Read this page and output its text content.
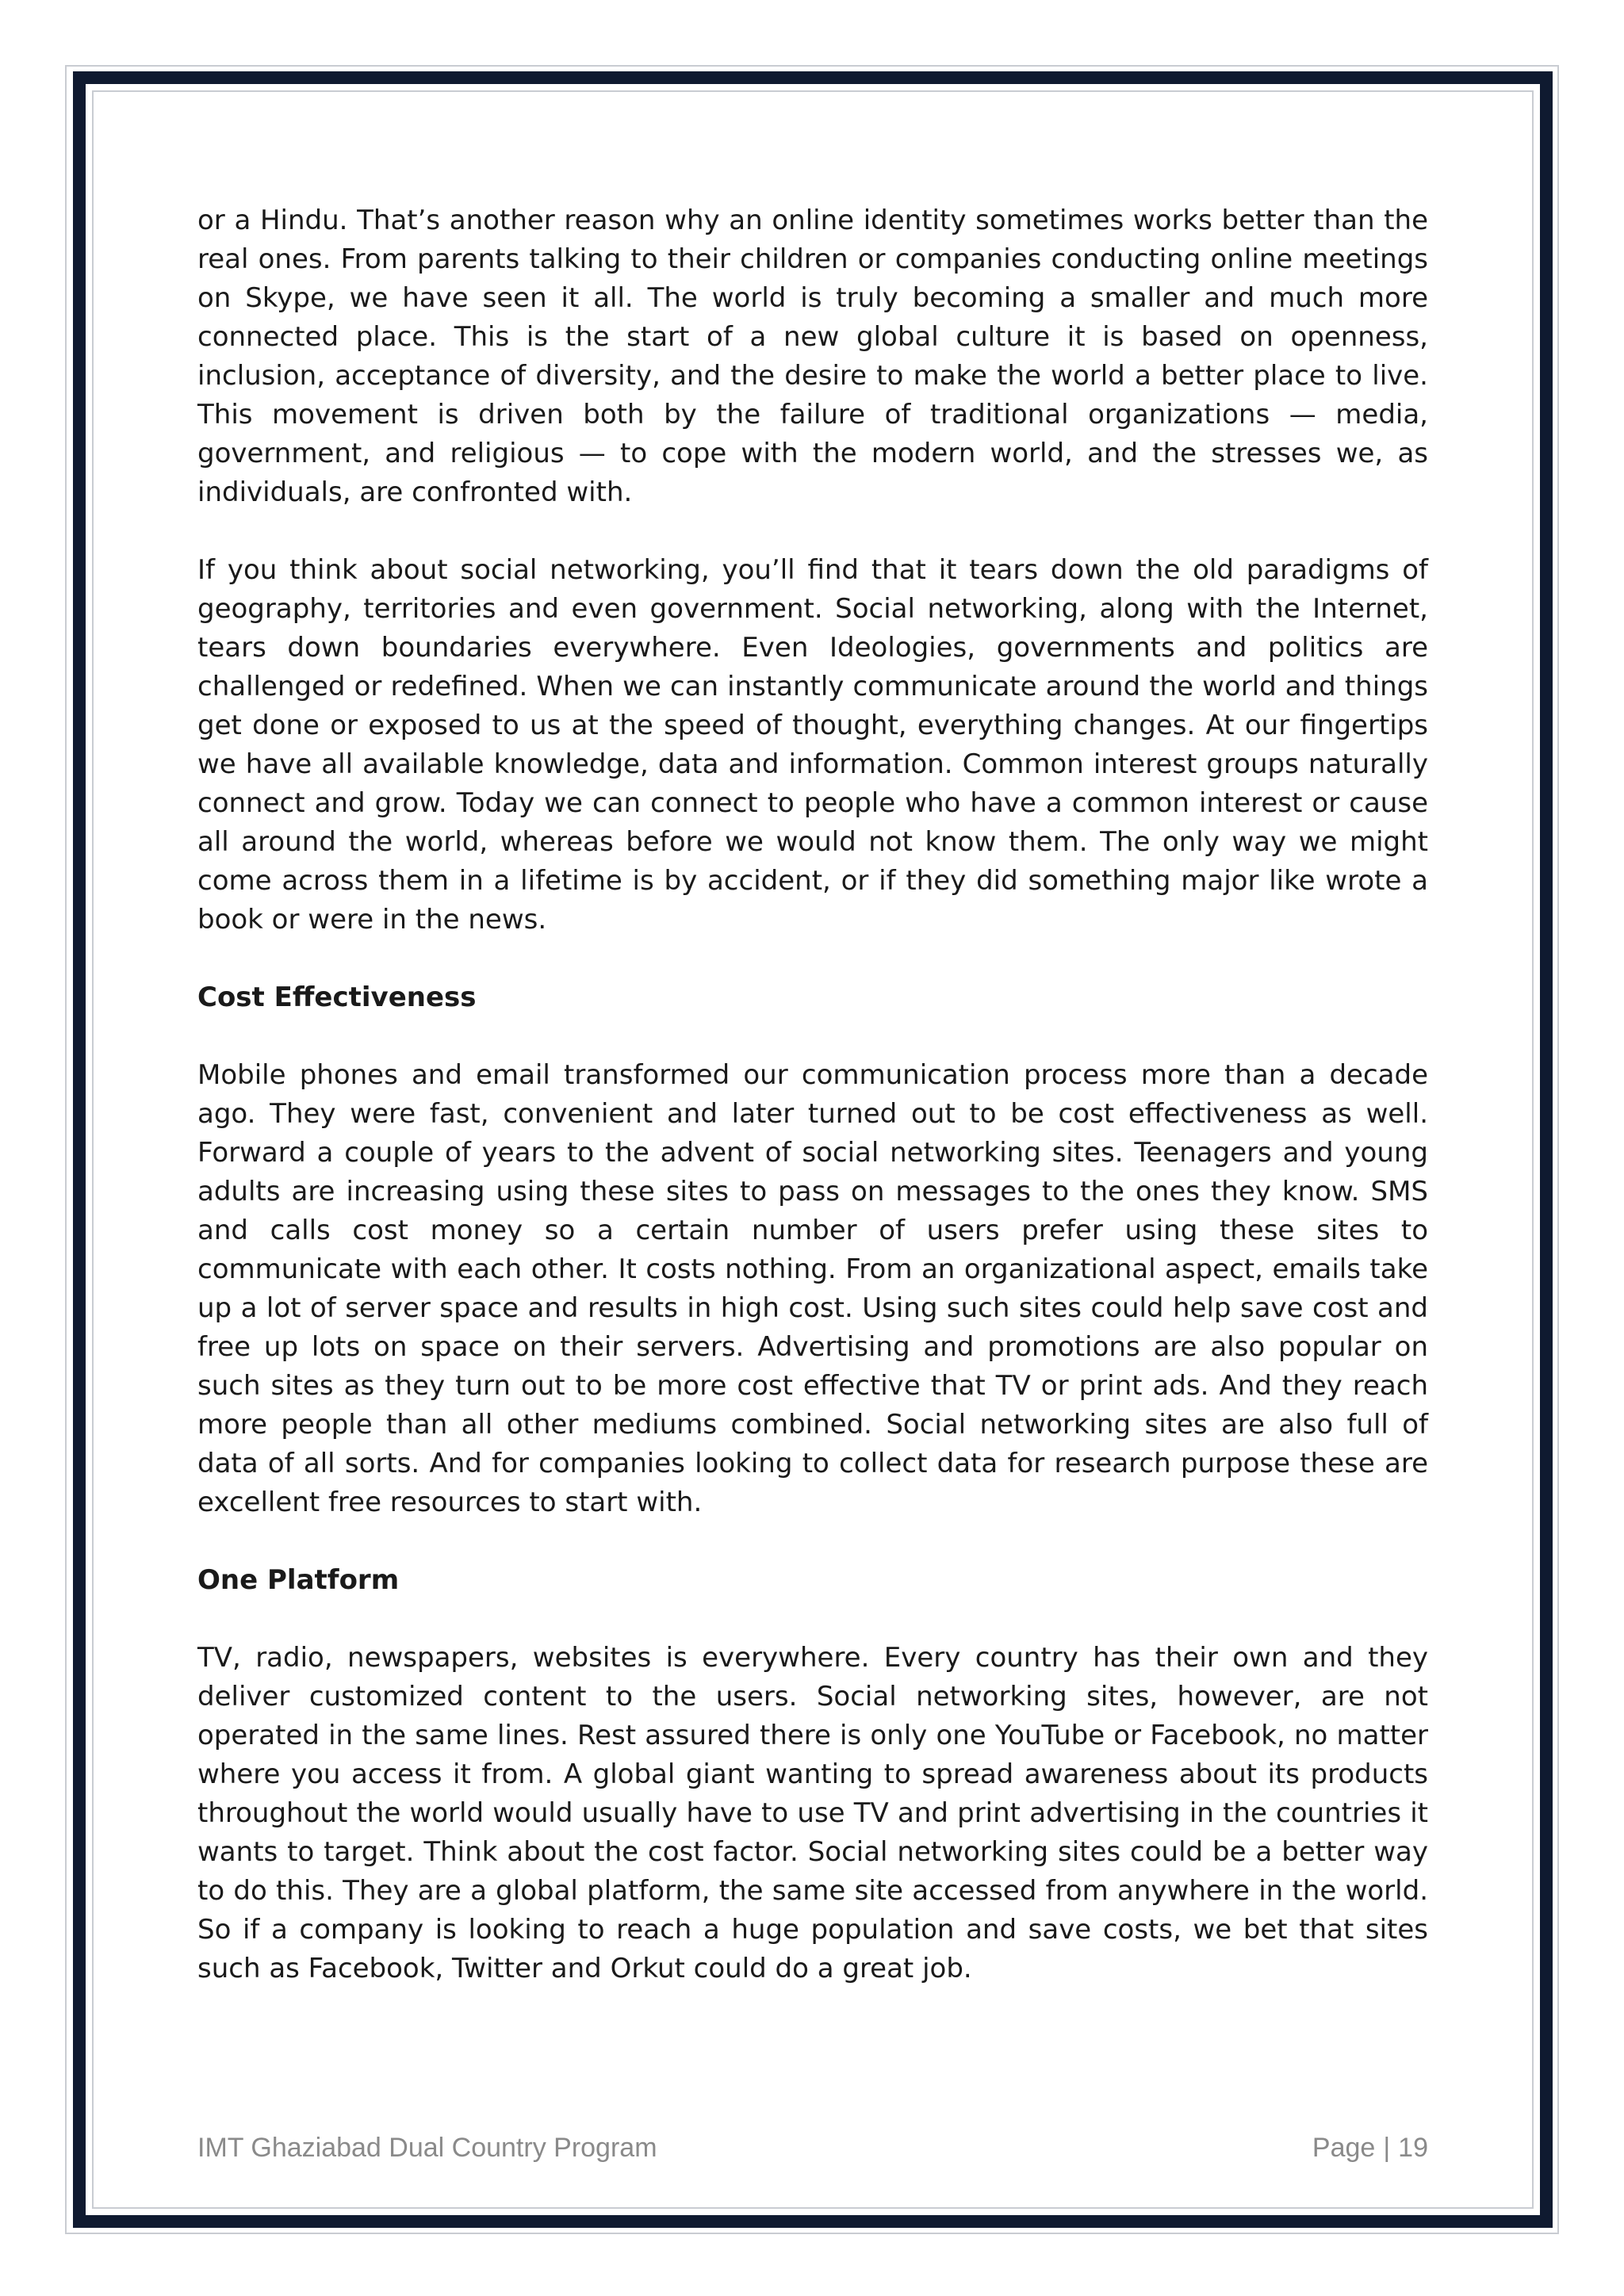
or a Hindu. That’s another reason why an online identity sometimes works better than the real ones. From parents talking to their children or companies conducting online meetings on Skype, we have seen it all. The world is truly becoming a smaller and much more connected place. This is the start of a new global culture it is based on openness, inclusion, acceptance of diversity, and the desire to make the world a better place to live. This movement is driven both by the failure of traditional organizations — media, government, and religious — to cope with the modern world, and the stresses we, as individuals, are confronted with.

If you think about social networking, you’ll find that it tears down the old paradigms of geography, territories and even government. Social networking, along with the Internet, tears down boundaries everywhere. Even Ideologies, governments and politics are challenged or redefined. When we can instantly communicate around the world and things get done or exposed to us at the speed of thought, everything changes. At our fingertips we have all available knowledge, data and information. Common interest groups naturally connect and grow. Today we can connect to people who have a common interest or cause all around the world, whereas before we would not know them. The only way we might come across them in a lifetime is by accident, or if they did something major like wrote a book or were in the news.

Cost Effectiveness

Mobile phones and email transformed our communication process more than a decade ago. They were fast, convenient and later turned out to be cost effectiveness as well. Forward a couple of years to the advent of social networking sites. Teenagers and young adults are increasing using these sites to pass on messages to the ones they know. SMS and calls cost money so a certain number of users prefer using these sites to communicate with each other. It costs nothing. From an organizational aspect, emails take up a lot of server space and results in high cost. Using such sites could help save cost and free up lots on space on their servers. Advertising and promotions are also popular on such sites as they turn out to be more cost effective that TV or print ads. And they reach more people than all other mediums combined. Social networking sites are also full of data of all sorts. And for companies looking to collect data for research purpose these are excellent free resources to start with.

One Platform

TV, radio, newspapers, websites is everywhere. Every country has their own and they deliver customized content to the users. Social networking sites, however, are not operated in the same lines. Rest assured there is only one YouTube or Facebook, no matter where you access it from. A global giant wanting to spread awareness about its products throughout the world would usually have to use TV and print advertising in the countries it wants to target. Think about the cost factor. Social networking sites could be a better way to do this. They are a global platform, the same site accessed from anywhere in the world. So if a company is looking to reach a huge population and save costs, we bet that sites such as Facebook, Twitter and Orkut could do a great job.

IMT Ghaziabad Dual Country Program	Page | 19
